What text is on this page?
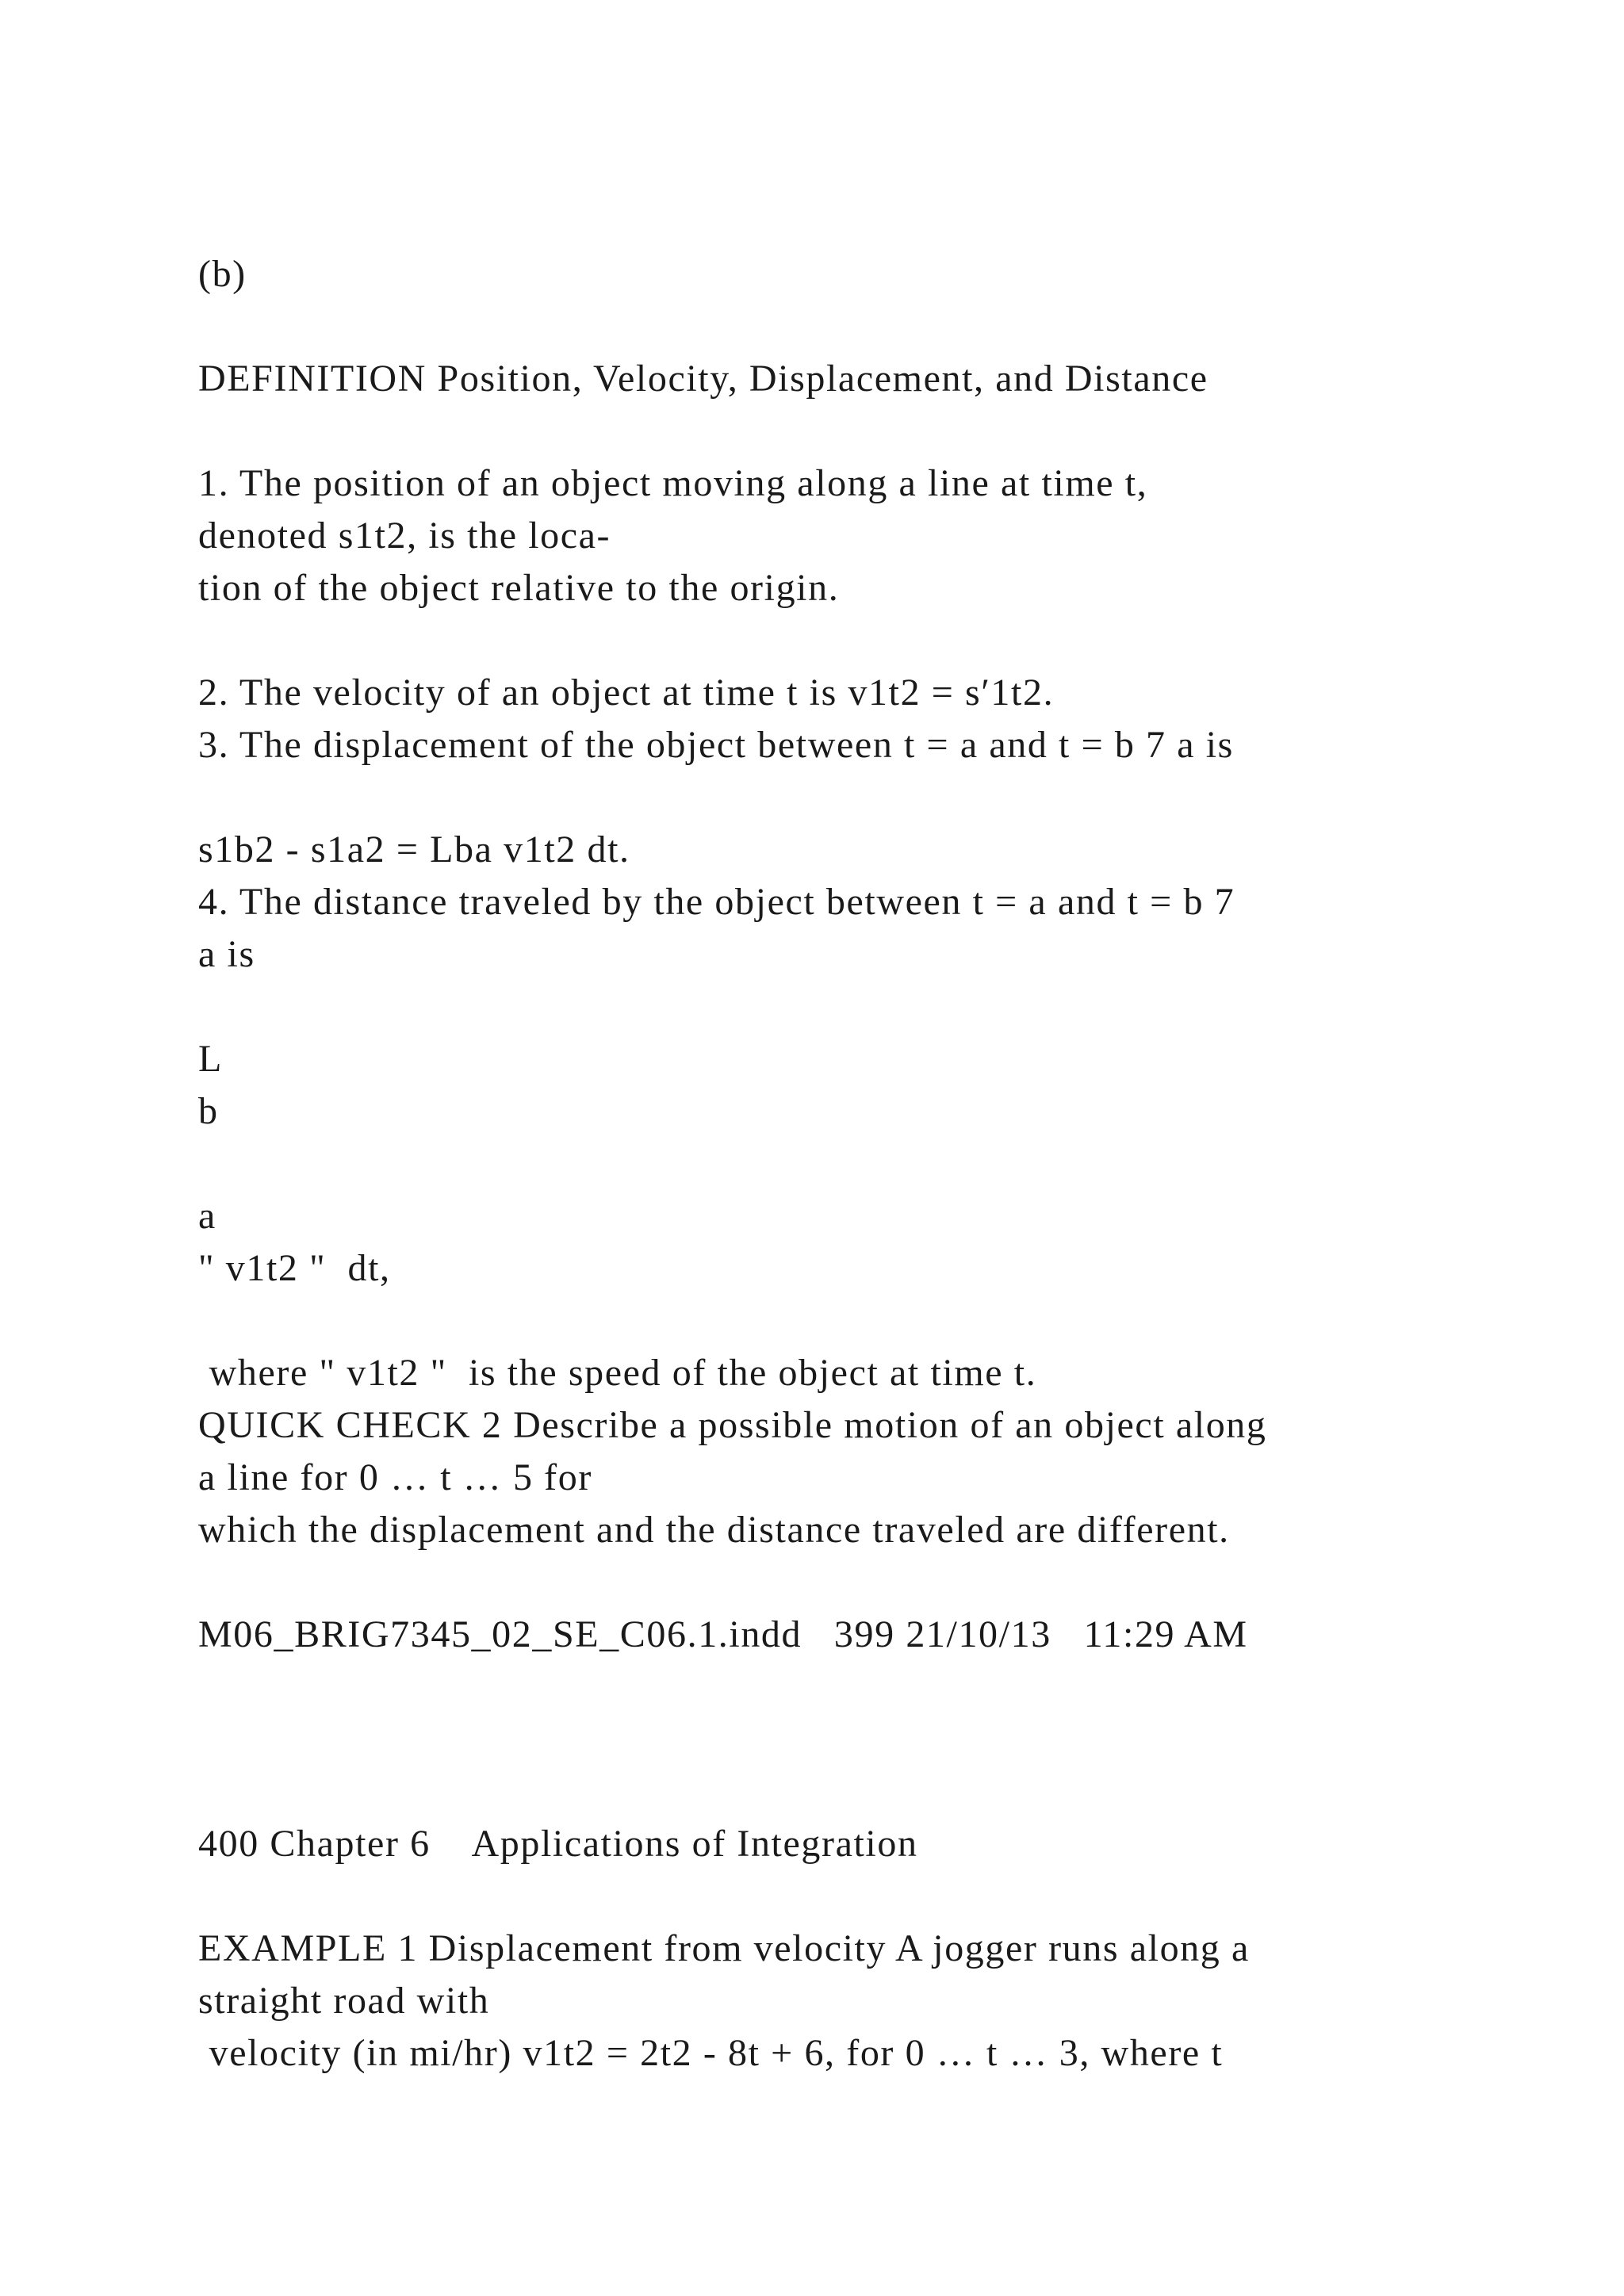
(b)
DEFINITION Position, Velocity, Displacement, and Distance
1. The position of an object moving along a line at time t,
denoted s1t2, is the loca-
tion of the object relative to the origin.
2. The velocity of an object at time t is v1t2 = s′1t2.
3. The displacement of the object between t = a and t = b 7 a is
s1b2 - s1a2 = Lba v1t2 dt.
4. The distance traveled by the object between t = a and t = b 7
a is
L
b
a
" v1t2 "  dt,
where " v1t2 "  is the speed of the object at time t.
QUICK CHECK 2 Describe a possible motion of an object along
a line for 0 … t … 5 for
which the displacement and the distance traveled are different.
M06_BRIG7345_02_SE_C06.1.indd   399 21/10/13   11:29 AM
400 Chapter 6    Applications of Integration
EXAMPLE 1 Displacement from velocity A jogger runs along a
straight road with
velocity (in mi/hr) v1t2 = 2t2 - 8t + 6, for 0 … t … 3, where t
